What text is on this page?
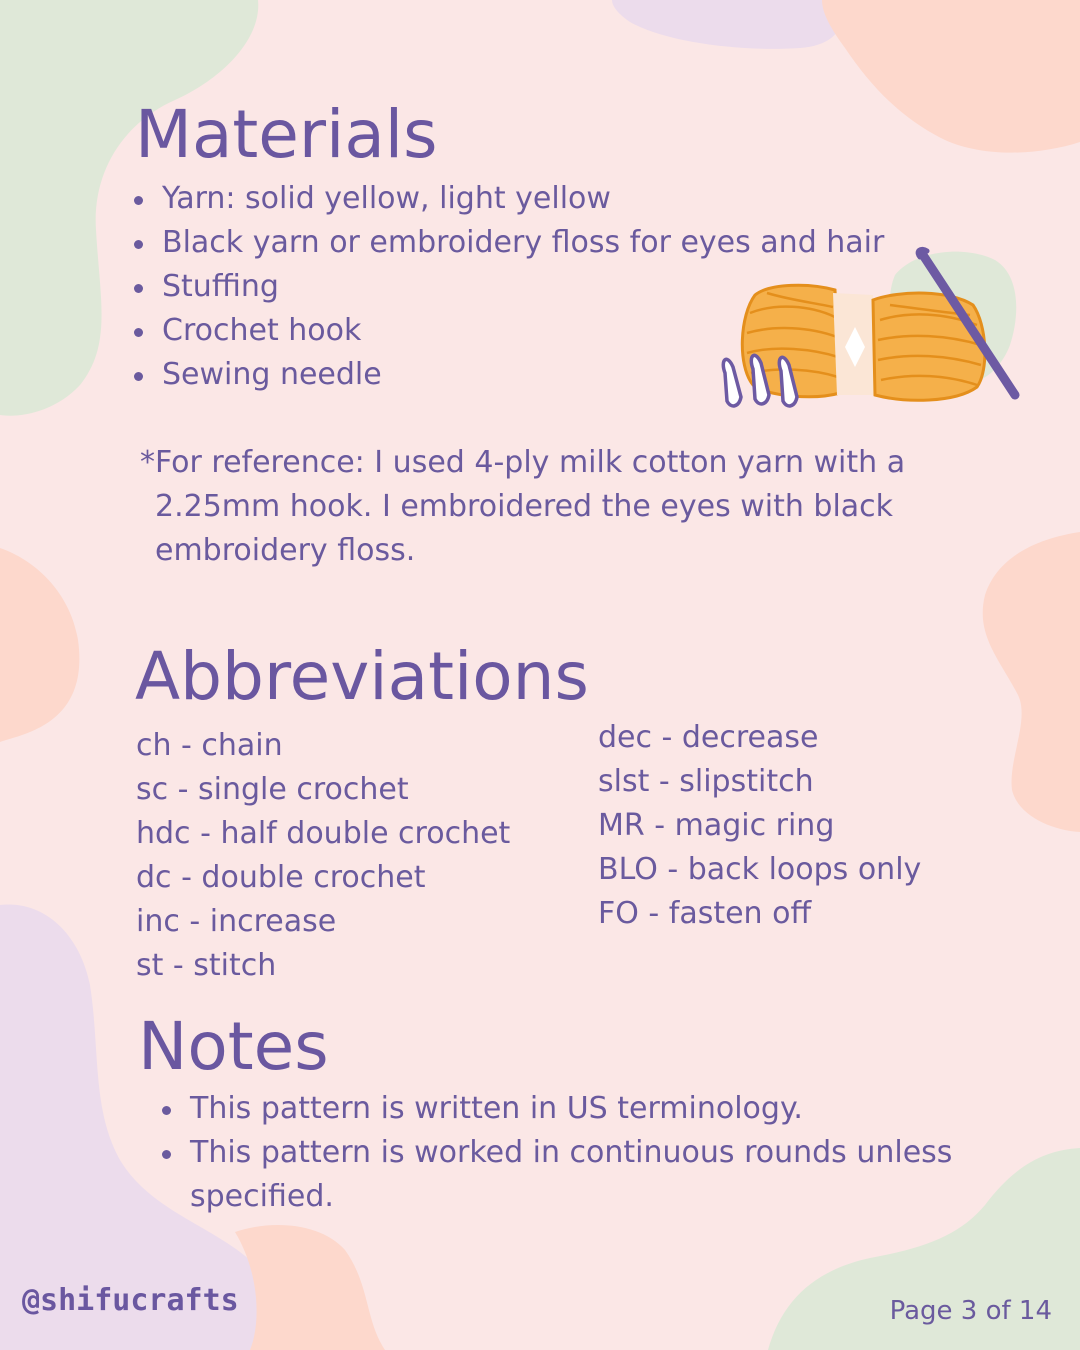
Materials
Yarn: solid yellow, light yellow
Black yarn or embroidery floss for eyes and hair
Stuffing
Crochet hook
Sewing needle

*For reference: I used 4-ply milk cotton yarn with a
2.25mm hook. I embroidered the eyes with black
embroidery floss.

Abbreviations
ch - chain
sc - single crochet
hdc - half double crochet
dc - double crochet
inc - increase
st - stitch
dec - decrease
slst - slipstitch
MR - magic ring
BLO - back loops only
FO - fasten off
Notes
This pattern is written in US terminology.
This pattern is worked in continuous rounds unless specified.
@shifucrafts	Page 3 of 14
